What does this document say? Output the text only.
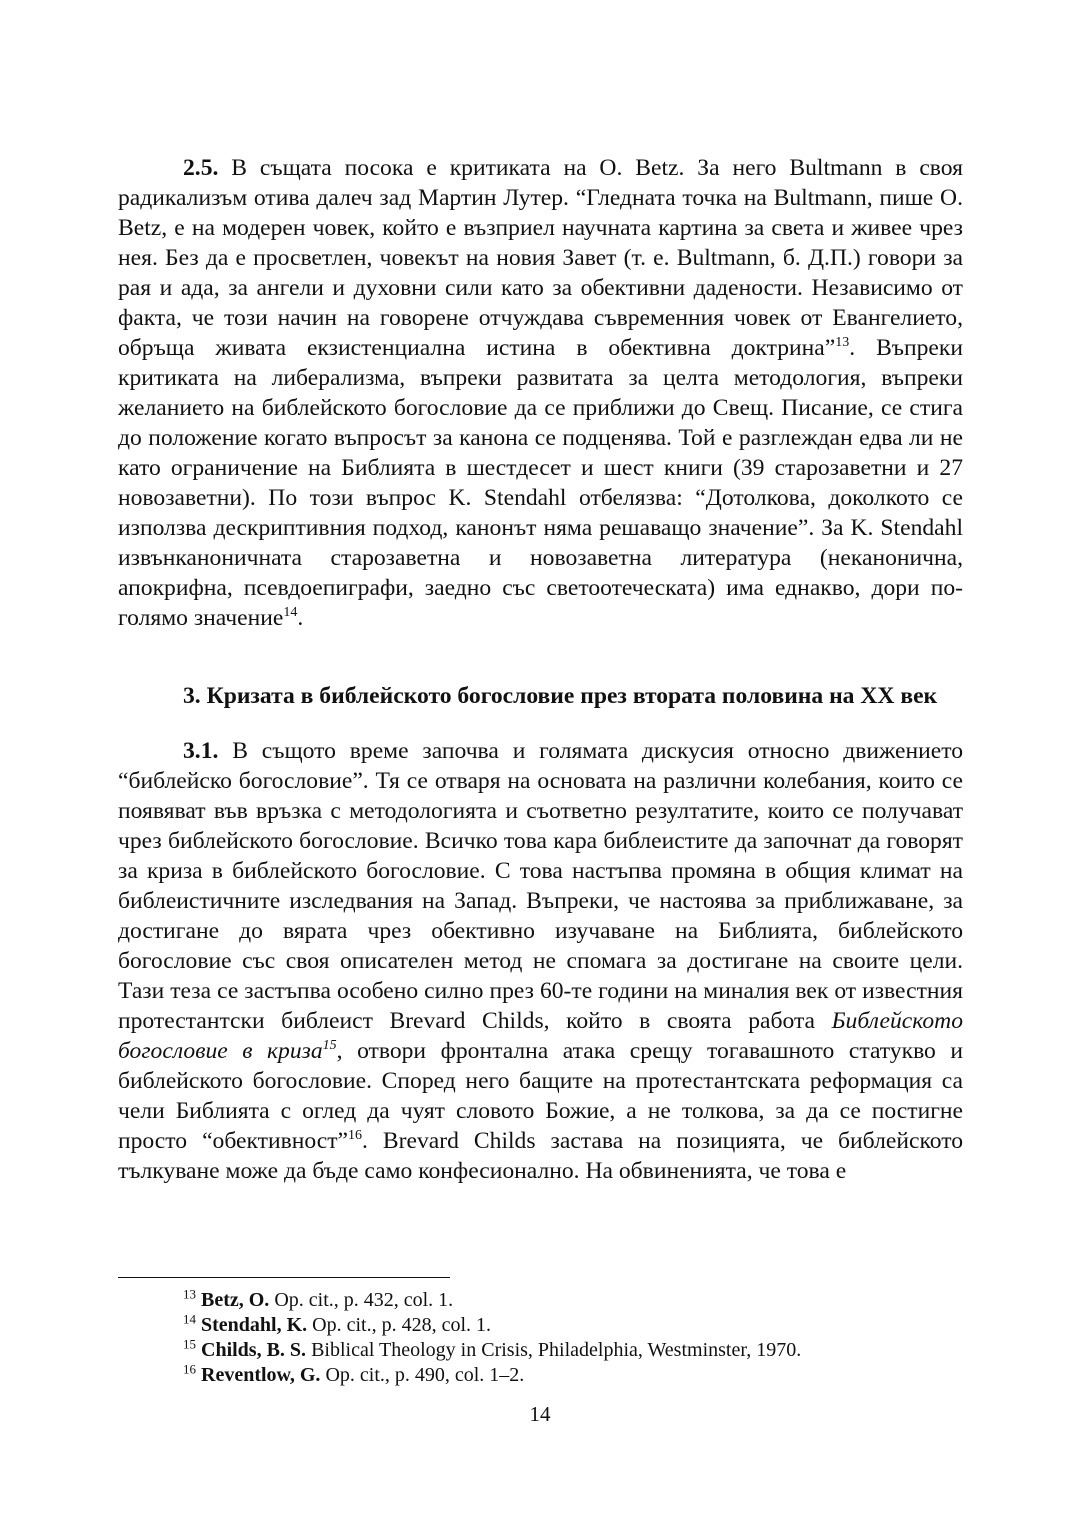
2.5. В същата посока е критиката на O. Betz. За него Bultmann в своя радикализъм отива далеч зад Мартин Лутер. “Гледната точка на Bultmann, пише О. Betz, е на модерен човек, който е възприел научната картина за света и живее чрез нея. Без да е просветлен, човекът на новия Завет (т. е. Bultmann, б. Д.П.) говори за рая и ада, за ангели и духовни сили като за обективни дадености. Независимо от факта, че този начин на говорене отчуждава съвременния човек от Евангелието, обръща живата екзистенциална истина в обективна доктрина”$^{13}$. Въпреки критиката на либерализма, въпреки развитата за целта методология, въпреки желанието на библейското богословие да се приближи до Свещ. Писание, се стига до положение когато въпросът за канона се подценява. Той е разглеждан едва ли не като ограничение на Библията в шестдесет и шест книги (39 старозаветни и 27 новозаветни). По този въпрос K. Stendahl отбелязва: “Дотолкова, доколкото се използва дескриптивния подход, канонът няма решаващо значение”. За K. Stendahl извънканоничната старозаветна и новозаветна литература (неканонична, апокрифна, псевдоепиграфи, заедно със светоотеческата) има еднакво, дори по-голямо значение$^{14}$.

3. Кризата в библейското богословие през втората половина на XX век

3.1. В същото време започва и голямата дискусия относно движението “библейско богословие”. Тя се отваря на основата на различни колебания, които се появяват във връзка с методологията и съответно резултатите, които се получават чрез библейското богословие. Всичко това кара библеистите да започнат да говорят за криза в библейското богословие. С това настъпва промяна в общия климат на библеистичните изследвания на Запад. Въпреки, че настоява за приближаване, за достигане до вярата чрез обективно изучаване на Библията, библейското богословие със своя описателен метод не спомага за достигане на своите цели. Тази теза се застъпва особено силно през 60-те години на миналия век от известния протестантски библеист Brevard Childs, който в своята работа Библейското богословие в криза$^{15}$, отвори фронтална атака срещу тогавашното статукво и библейското богословие. Според него бащите на протестантската реформация са чели Библията с оглед да чуят словото Божие, а не толкова, за да се постигне просто “обективност”$^{16}$. Brevard Childs застава на позицията, че библейското тълкуване може да бъде само конфесионално. На обвиненията, че това е

$^{13}$ Betz, O. Op. cit., p. 432, col. 1.

$^{14}$ Stendahl, K. Op. cit., p. 428, col. 1.

$^{15}$ Childs, B. S. Biblical Theology in Crisis, Philadelphia, Westminster, 1970.

$^{16}$ Reventlow, G. Op. cit., p. 490, col. 1–2.

14
